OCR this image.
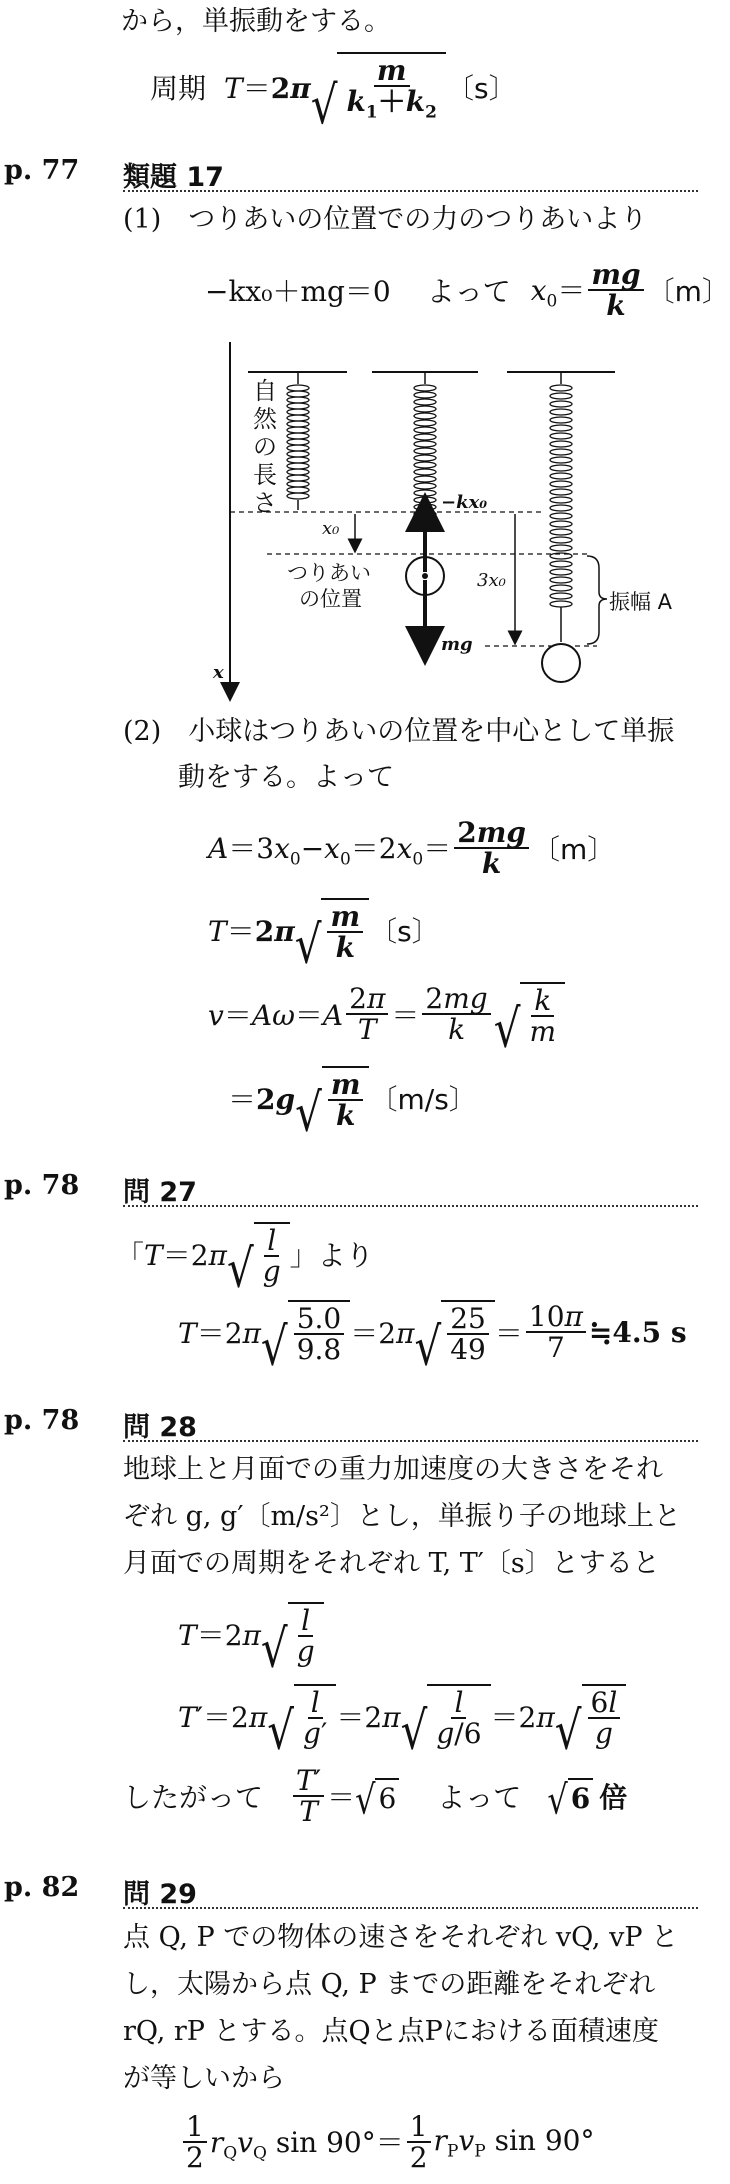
から，単振動をする。
周期 T＝2π √ $\frac{m}{k_1+k_2}$ 〔s〕
p. 77 類題 17
(1)　つりあいの位置での力のつりあいより
−kx₀＋mg＝0 よって $x_0= \frac{mg}{k}$ 〔m〕
自
然
の
長
さ
x₀
つりあい
の位置
−kx₀
mg
3x₀
振幅 A
x
(2)　小球はつりあいの位置を中心として単振
動をする。よって
$A=3x_0-x_0=2x_0= \frac{2mg}{k}$ 〔m〕
T＝2π √ $\frac{m}{k}$ 〔s〕
$v=A\omega=A \frac{2\pi}{T} = \frac{2mg}{k}$ √ $\frac{k}{m}$
＝2g √ $\frac{m}{k}$ 〔m/s〕
p. 78 問 27
「 T＝2π √ $\frac{l}{g}$ 」より
T＝2π √ $\frac{5.0}{9.8} =2\pi$ √ $\frac{25}{49} = \frac{10\pi}{7}$ ≒4.5 s
p. 78 問 28
地球上と月面での重力加速度の大きさをそれ
ぞれ g, g′〔m/s²〕とし，単振り子の地球上と
月面での周期をそれぞれ T, T′〔s〕とすると
T＝2π √ $\frac{l}{g}$
T′＝2π √ $\frac{l}{g'} =2\pi$ √ $\frac{l}{g/6} =2\pi$ √ $\frac{6l}{g}$
したがって $\frac{T'}{T}$ ＝ √ 6 よって √ 6 倍
p. 82 問 29
点 Q, P での物体の速さをそれぞれ vQ, vP と
し，太陽から点 Q, P までの距離をそれぞれ
rQ, rP とする。点Qと点Pにおける面積速度
が等しいから
$\frac{1}{2} r_Qv_Q$ $\sin 90^\circ= \frac{1}{2} r_Pv_P$ sin 90°
